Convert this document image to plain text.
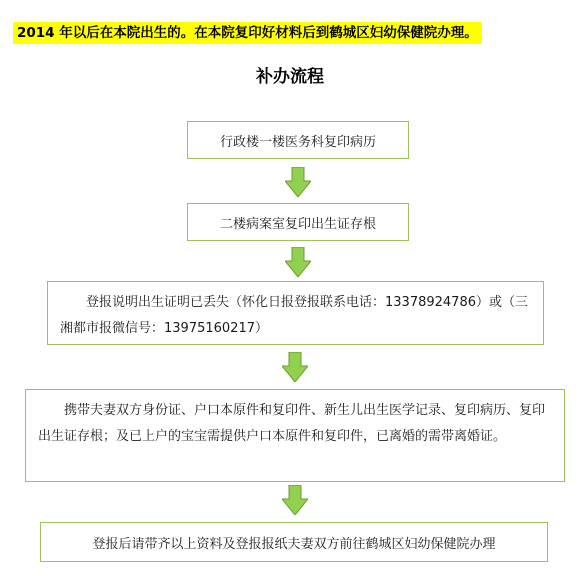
2014 年以后在本院出生的。在本院复印好材料后到鹤城区妇幼保健院办理。
补办流程
行政楼一楼医务科复印病历
二楼病案室复印出生证存根
登报说明出生证明已丢失（怀化日报登报联系电话：13378924786）或（三湘都市报微信号：13975160217）
携带夫妻双方身份证、户口本原件和复印件、新生儿出生医学记录、复印病历、复印出生证存根；及已上户的宝宝需提供户口本原件和复印件，已离婚的需带离婚证。
登报后请带齐以上资料及登报报纸夫妻双方前往鹤城区妇幼保健院办理
